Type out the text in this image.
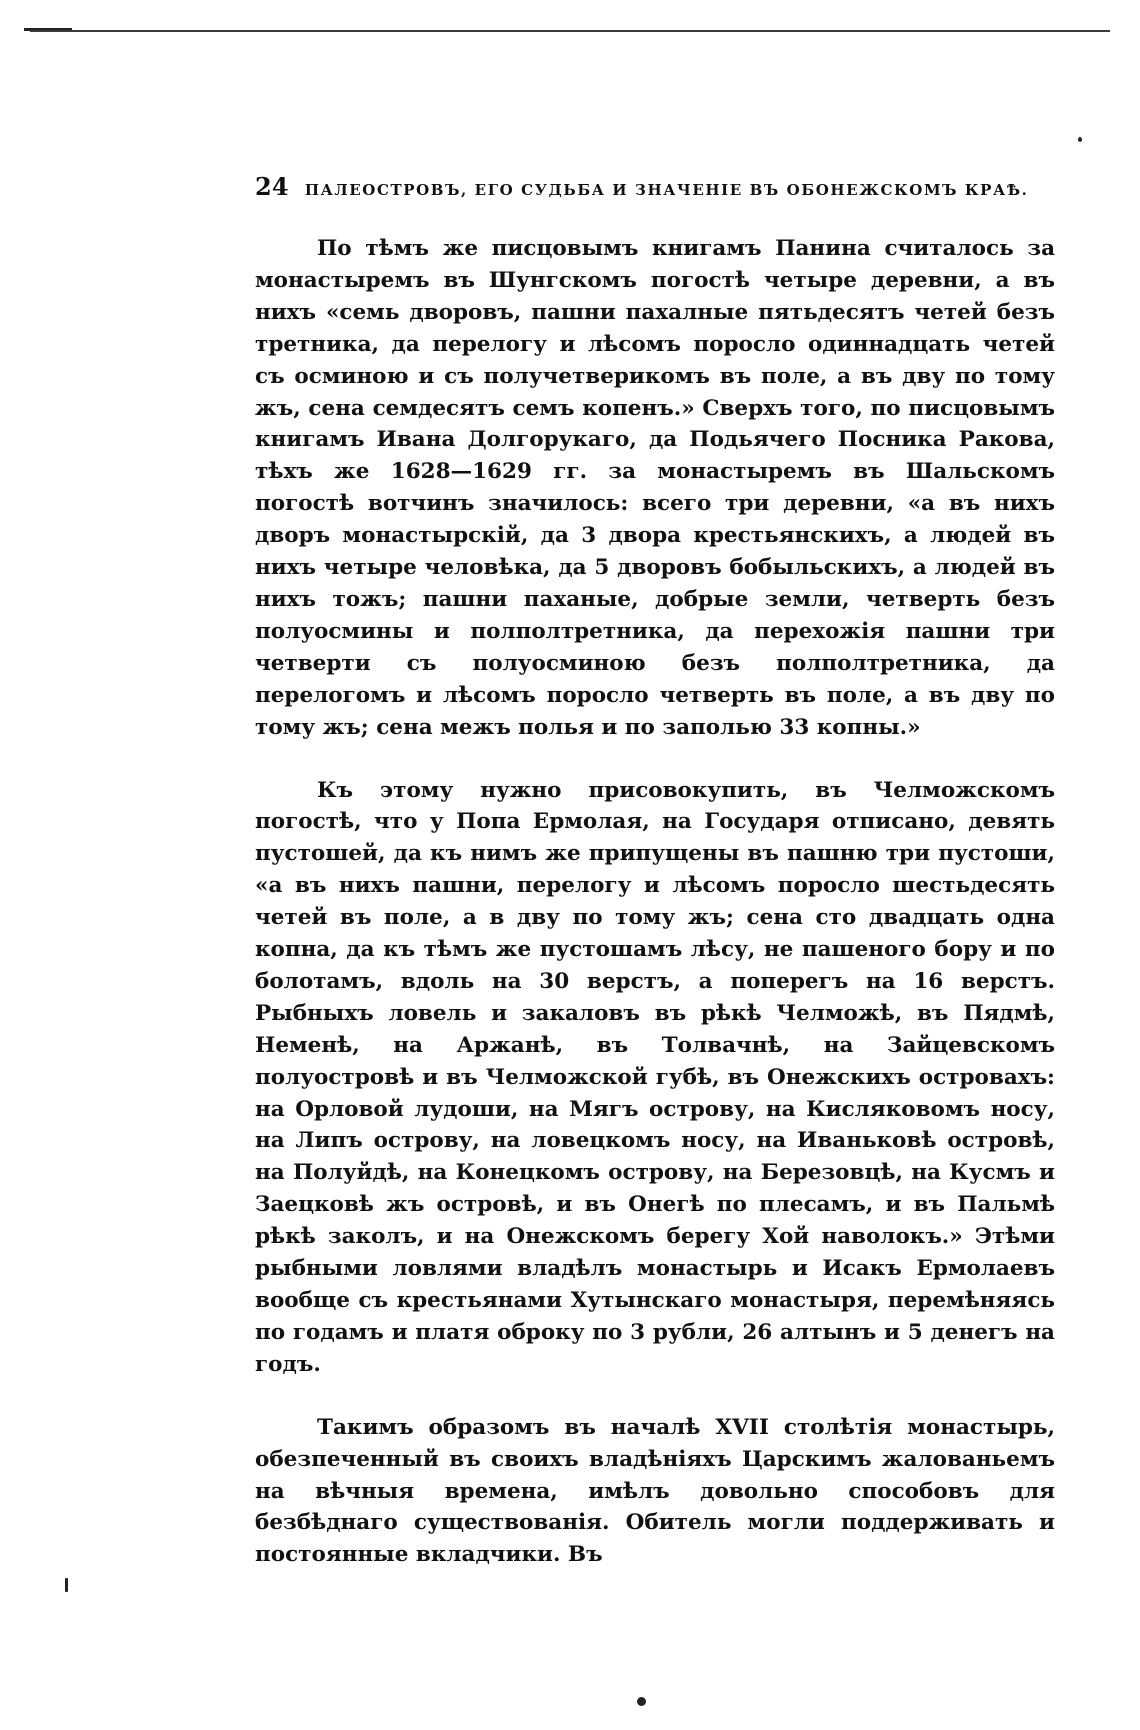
24 ПАЛЕОСТРОВЪ, ЕГО СУДЬБА И ЗНАЧЕНІЕ ВЪ ОБОНЕЖСКОМЪ КРАѢ.

По тѣмъ же писцовымъ книгамъ Панина считалось за монастыремъ въ Шунгскомъ погостѣ четыре деревни, а въ нихъ «семь дворовъ, пашни пахалные пятьдесятъ четей безъ третника, да перелогу и лѣсомъ поросло одиннадцать четей съ осминою и съ получетверикомъ въ поле, а въ дву по тому жъ, сена семдесятъ семъ копенъ.» Сверхъ того, по писцовымъ книгамъ Ивана Долгорукаго, да Подьячего Посника Ракова, тѣхъ же 1628—1629 гг. за монастыремъ въ Шальскомъ погостѣ вотчинъ значилось: всего три деревни, «а въ нихъ дворъ монастырскій, да 3 двора крестьянскихъ, а людей въ нихъ четыре человѣка, да 5 дворовъ бобыльскихъ, а людей въ нихъ тожъ; пашни паханые, добрые земли, четверть безъ полуосмины и полполтретника, да перехожія пашни три четверти съ полуосминою безъ полполтретника, да перелогомъ и лѣсомъ поросло четверть въ поле, а въ дву по тому жъ; сена межъ полья и по заполью 33 копны.»

Къ этому нужно присовокупить, въ Челможскомъ погостѣ, что у Попа Ермолая, на Государя отписано, девять пустошей, да къ нимъ же припущены въ пашню три пустоши, «а въ нихъ пашни, перелогу и лѣсомъ поросло шестьдесять четей въ поле, а в дву по тому жъ; сена сто двадцать одна копна, да къ тѣмъ же пустошамъ лѣсу, не пашеного бору и по болотамъ, вдоль на 30 верстъ, а поперегъ на 16 верстъ. Рыбныхъ ловель и закаловъ въ рѣкѣ Челможѣ, въ Пядмѣ, Неменѣ, на Аржанѣ, въ Толвачнѣ, на Зайцевскомъ полуостровѣ и въ Челможской губѣ, въ Онежскихъ островахъ: на Орловой лудоши, на Мягъ острову, на Кисляковомъ носу, на Липъ острову, на ловецкомъ носу, на Иваньковѣ островѣ, на Полуйдѣ, на Конецкомъ острову, на Березовцѣ, на Кусмъ и Заецковѣ жъ островѣ, и въ Онегѣ по плесамъ, и въ Пальмѣ рѣкѣ заколъ, и на Онежскомъ берегу Хой наволокъ.» Этѣми рыбными ловлями владѣлъ монастырь и Исакъ Ермолаевъ вообще съ крестьянами Хутынскаго монастыря, перемѣняясь по годамъ и платя оброку по 3 рубли, 26 алтынъ и 5 денегъ на годъ.

Такимъ образомъ въ началѣ XVII столѣтія монастырь, обезпеченный въ своихъ владѣніяхъ Царскимъ жалованьемъ на вѣчныя времена, имѣлъ довольно способовъ для безбѣднаго существованія. Обитель могли поддерживать и постоянные вкладчики. Въ
